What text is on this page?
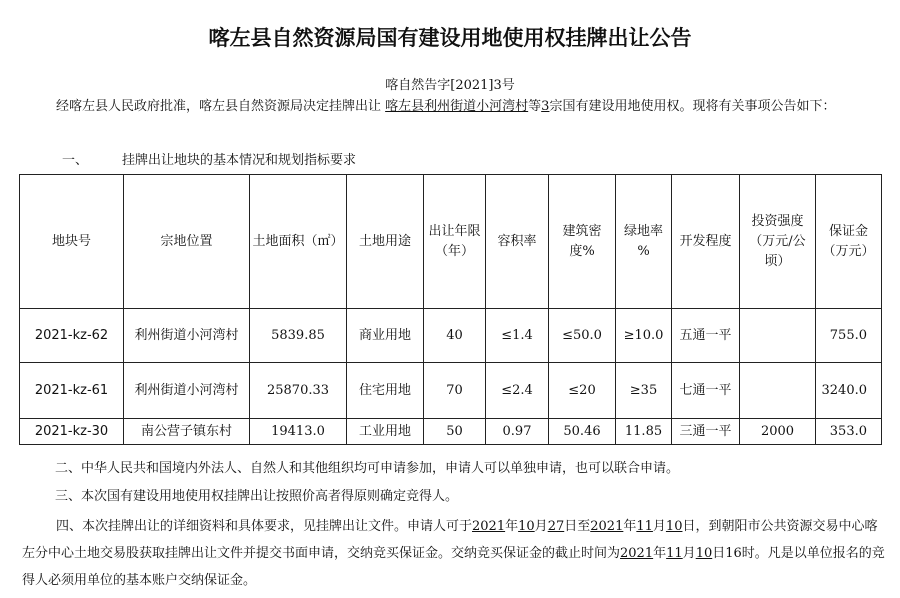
喀左县自然资源局国有建设用地使用权挂牌出让公告
喀自然告字[2021]3号
经喀左县人民政府批准，喀左县自然资源局决定挂牌出让 喀左县利州街道小河湾村等3宗国有建设用地使用权。现将有关事项公告如下：
一、	挂牌出让地块的基本情况和规划指标要求
地块号	宗地位置	土地面积（㎡）	土地用途	出让年限（年）	容积率	建筑密度%	绿地率 %	开发程度	投资强度（万元/公顷）	保证金（万元）
2021-kz-62	利州街道小河湾村	5839.85	商业用地	40	≤1.4	≤50.0	≥10.0	五通一平		755.0
2021-kz-61	利州街道小河湾村	25870.33	住宅用地	70	≤2.4	≤20	≥35	七通一平		3240.0
2021-kz-30	南公营子镇东村	19413.0	工业用地	50	0.97	50.46	11.85	三通一平	2000	353.0
二、中华人民共和国境内外法人、自然人和其他组织均可申请参加，申请人可以单独申请，也可以联合申请。
三、本次国有建设用地使用权挂牌出让按照价高者得原则确定竞得人。
四、本次挂牌出让的详细资料和具体要求，见挂牌出让文件。申请人可于2021年10月27日至2021年11月10日，到朝阳市公共资源交易中心喀左分中心土地交易股获取挂牌出让文件并提交书面申请，交纳竞买保证金。交纳竞买保证金的截止时间为2021年11月10日16时。凡是以单位报名的竞得人必须用单位的基本账户交纳保证金。
